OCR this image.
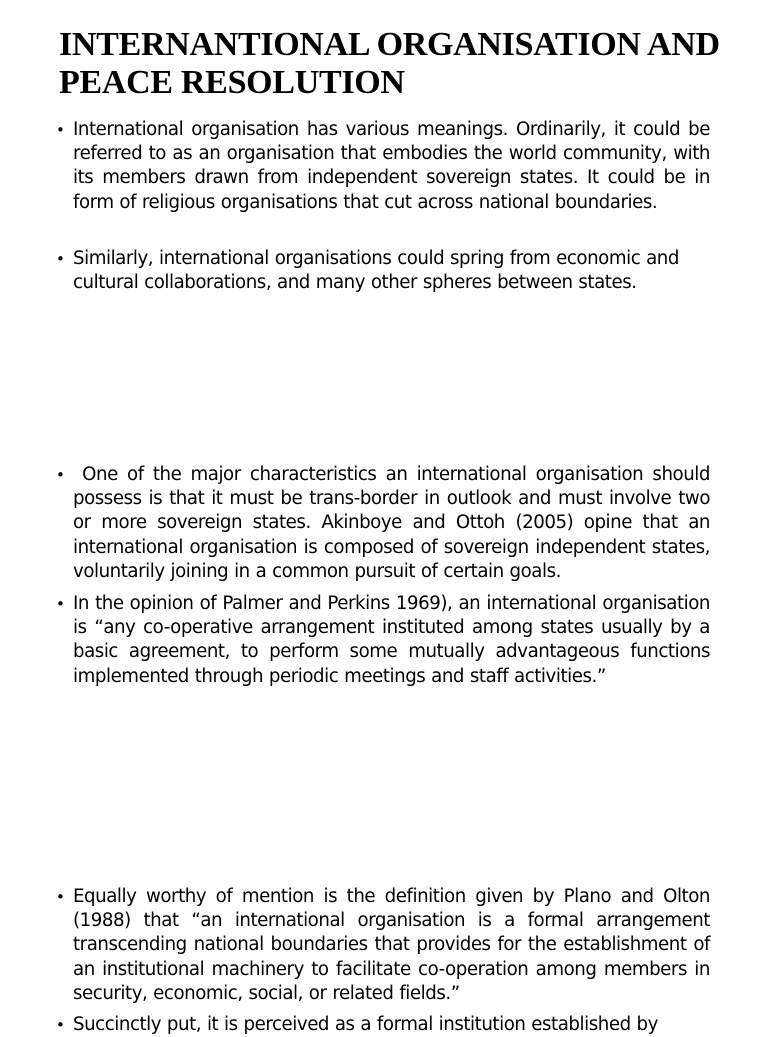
INTERNANTIONAL ORGANISATION AND PEACE RESOLUTION
• International organisation has various meanings. Ordinarily, it could be referred to as an organisation that embodies the world community, with its members drawn from independent sovereign states. It could be in form of religious organisations that cut across national boundaries.
• Similarly, international organisations could spring from economic and cultural collaborations, and many other spheres between states.
• One of the major characteristics an international organisation should possess is that it must be trans-border in outlook and must involve two or more sovereign states. Akinboye and Ottoh (2005) opine that an international organisation is composed of sovereign independent states, voluntarily joining in a common pursuit of certain goals.
• In the opinion of Palmer and Perkins 1969), an international organisation is “any co-operative arrangement instituted among states usually by a basic agreement, to perform some mutually advantageous functions implemented through periodic meetings and staff activities.”
• Equally worthy of mention is the definition given by Plano and Olton (1988) that “an international organisation is a formal arrangement transcending national boundaries that provides for the establishment of an institutional machinery to facilitate co-operation among members in security, economic, social, or related fields.”
• Succinctly put, it is perceived as a formal institution established by
